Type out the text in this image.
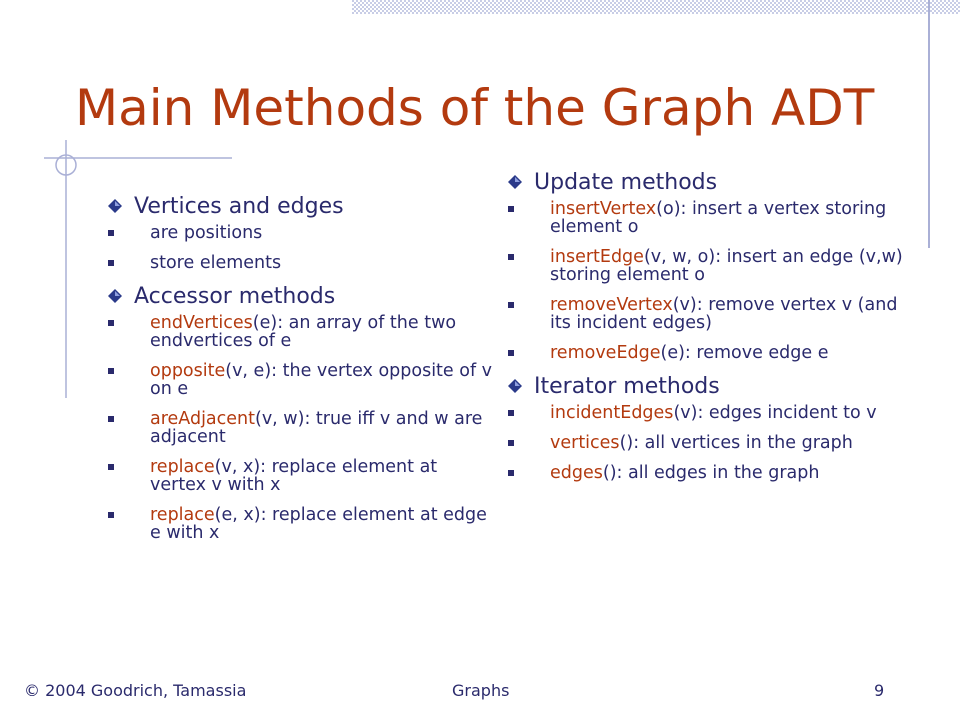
Main Methods of the Graph ADT
Vertices and edges
are positions
store elements
Accessor methods
endVertices(e): an array of the two endvertices of e
opposite(v, e): the vertex opposite of v on e
areAdjacent(v, w): true iff v and w are adjacent
replace(v, x): replace element at vertex v with x
replace(e, x): replace element at edge e with x
Update methods
insertVertex(o): insert a vertex storing element o
insertEdge(v, w, o): insert an edge (v,w) storing element o
removeVertex(v): remove vertex v (and its incident edges)
removeEdge(e): remove edge e
Iterator methods
incidentEdges(v): edges incident to v
vertices(): all vertices in the graph
edges(): all edges in the graph
© 2004 Goodrich, Tamassia	Graphs	9
